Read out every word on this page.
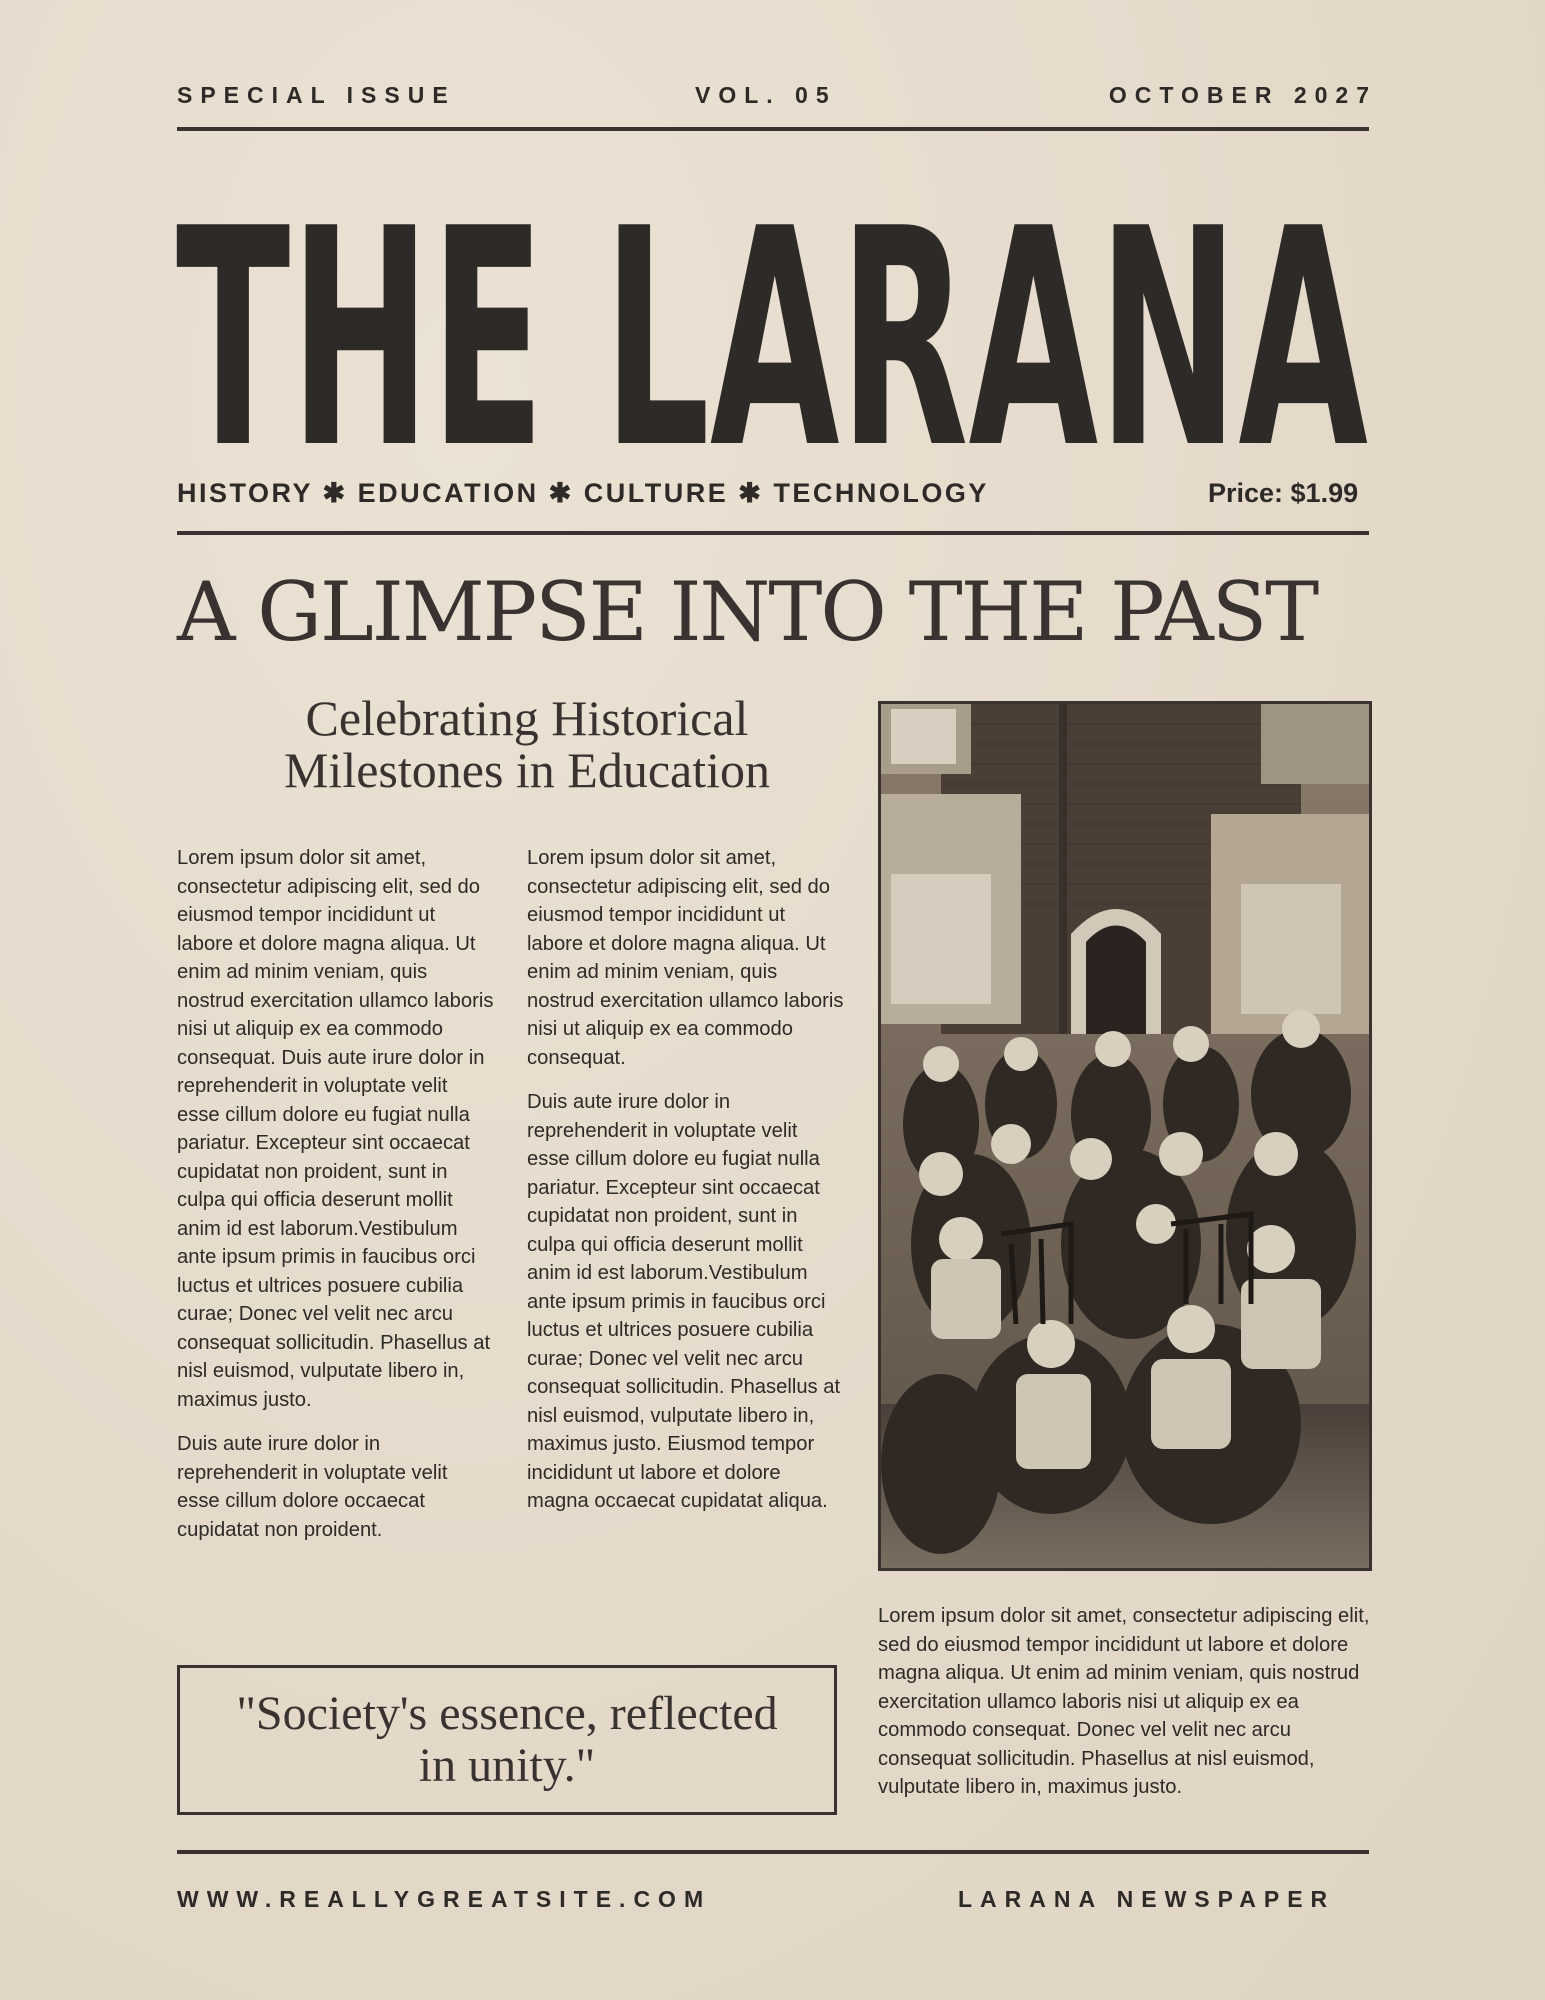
SPECIAL ISSUE	VOL. 05	OCTOBER 2027
THE LARANA
HISTORY ✱ EDUCATION ✱ CULTURE ✱ TECHNOLOGY	Price: $1.99
A GLIMPSE INTO THE PAST
Celebrating Historical
Milestones in Education

Lorem ipsum dolor sit amet, consectetur adipiscing elit, sed do eiusmod tempor incididunt ut labore et dolore magna aliqua. Ut enim ad minim veniam, quis nostrud exercitation ullamco laboris nisi ut aliquip ex ea commodo consequat. Duis aute irure dolor in reprehenderit in voluptate velit esse cillum dolore eu fugiat nulla pariatur. Excepteur sint occaecat cupidatat non proident, sunt in culpa qui officia deserunt mollit anim id est laborum.Vestibulum ante ipsum primis in faucibus orci luctus et ultrices posuere cubilia curae; Donec vel velit nec arcu consequat sollicitudin. Phasellus at nisl euismod, vulputate libero in, maximus justo.

Duis aute irure dolor in reprehenderit in voluptate velit esse cillum dolore occaecat cupidatat non proident.

Lorem ipsum dolor sit amet, consectetur adipiscing elit, sed do eiusmod tempor incididunt ut labore et dolore magna aliqua. Ut enim ad minim veniam, quis nostrud exercitation ullamco laboris nisi ut aliquip ex ea commodo consequat.

Duis aute irure dolor in reprehenderit in voluptate velit esse cillum dolore eu fugiat nulla pariatur. Excepteur sint occaecat cupidatat non proident, sunt in culpa qui officia deserunt mollit anim id est laborum.Vestibulum ante ipsum primis in faucibus orci luctus et ultrices posuere cubilia curae; Donec vel velit nec arcu consequat sollicitudin. Phasellus at nisl euismod, vulputate libero in, maximus justo. Eiusmod tempor incididunt ut labore et dolore magna occaecat cupidatat aliqua.

Lorem ipsum dolor sit amet, consectetur adipiscing elit, sed do eiusmod tempor incididunt ut labore et dolore magna aliqua. Ut enim ad minim veniam, quis nostrud exercitation ullamco laboris nisi ut aliquip ex ea commodo consequat. Donec vel velit nec arcu consequat sollicitudin. Phasellus at nisl euismod, vulputate libero in, maximus justo.

"Society's essence, reflected
in unity."
WWW.REALLYGREATSITE.COM	LARANA NEWSPAPER
